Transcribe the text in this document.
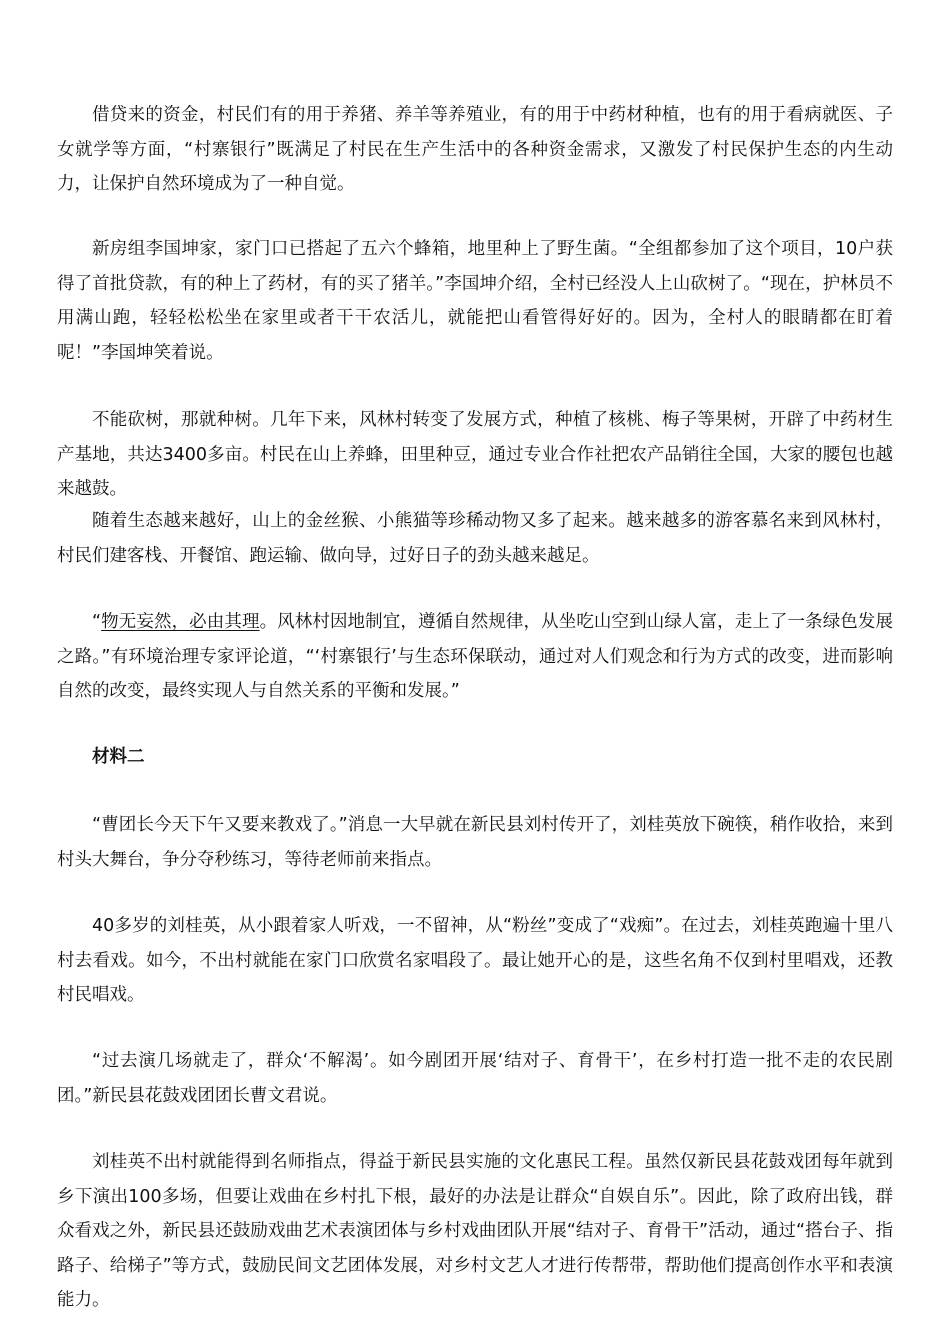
借贷来的资金，村民们有的用于养猪、养羊等养殖业，有的用于中药材种植，也有的用于看病就医、子女就学等方面，“村寨银行”既满足了村民在生产生活中的各种资金需求，又激发了村民保护生态的内生动力，让保护自然环境成为了一种自觉。

新房组李国坤家，家门口已搭起了五六个蜂箱，地里种上了野生菌。“全组都参加了这个项目，10户获得了首批贷款，有的种上了药材，有的买了猪羊。”李国坤介绍，全村已经没人上山砍树了。“现在，护林员不用满山跑，轻轻松松坐在家里或者干干农活儿，就能把山看管得好好的。因为，全村人的眼睛都在盯着呢！”李国坤笑着说。

不能砍树，那就种树。几年下来，风林村转变了发展方式，种植了核桃、梅子等果树，开辟了中药材生产基地，共达3400多亩。村民在山上养蜂，田里种豆，通过专业合作社把农产品销往全国，大家的腰包也越来越鼓。

随着生态越来越好，山上的金丝猴、小熊猫等珍稀动物又多了起来。越来越多的游客慕名来到风林村，村民们建客栈、开餐馆、跑运输、做向导，过好日子的劲头越来越足。

“物无妄然，必由其理。风林村因地制宜，遵循自然规律，从坐吃山空到山绿人富，走上了一条绿色发展之路。”有环境治理专家评论道，“‘村寨银行’与生态环保联动，通过对人们观念和行为方式的改变，进而影响自然的改变，最终实现人与自然关系的平衡和发展。”

材料二

“曹团长今天下午又要来教戏了。”消息一大早就在新民县刘村传开了，刘桂英放下碗筷，稍作收拾，来到村头大舞台，争分夺秒练习，等待老师前来指点。

40多岁的刘桂英，从小跟着家人听戏，一不留神，从“粉丝”变成了“戏痴”。在过去，刘桂英跑遍十里八村去看戏。如今，不出村就能在家门口欣赏名家唱段了。最让她开心的是，这些名角不仅到村里唱戏，还教村民唱戏。

“过去演几场就走了，群众‘不解渴’。如今剧团开展‘结对子、育骨干’，在乡村打造一批不走的农民剧团。”新民县花鼓戏团团长曹文君说。

刘桂英不出村就能得到名师指点，得益于新民县实施的文化惠民工程。虽然仅新民县花鼓戏团每年就到乡下演出100多场，但要让戏曲在乡村扎下根，最好的办法是让群众“自娱自乐”。因此，除了政府出钱，群众看戏之外，新民县还鼓励戏曲艺术表演团体与乡村戏曲团队开展“结对子、育骨干”活动，通过“搭台子、指路子、给梯子”等方式，鼓励民间文艺团体发展，对乡村文艺人才进行传帮带，帮助他们提高创作水平和表演能力。
